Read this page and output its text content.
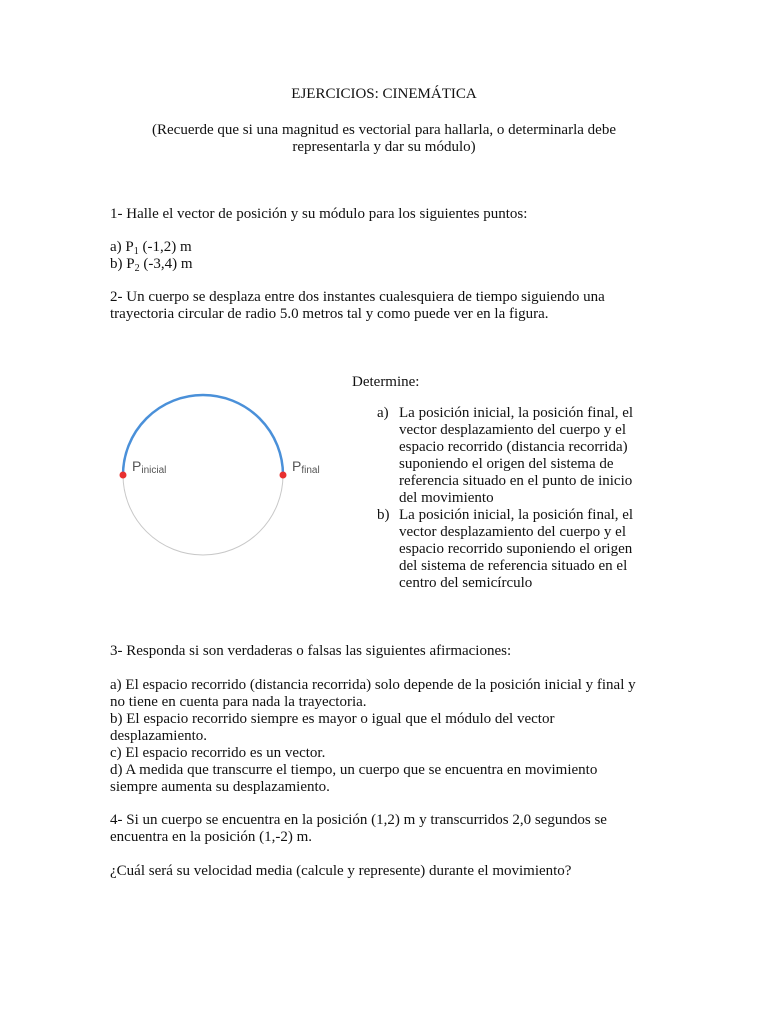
EJERCICIOS: CINEMÁTICA
(Recuerde que si una magnitud es vectorial para hallarla, o determinarla debe
representarla y dar su módulo)
1- Halle el vector de posición y su módulo para los siguientes puntos:
a) $P_1$ (-1,2) m
b) $P_2$ (-3,4) m
2- Un cuerpo se desplaza entre dos instantes cualesquiera de tiempo siguiendo una
trayectoria circular de radio 5.0 metros tal y como puede ver en la figura.
Determine:
a) La posición inicial, la posición final, el
vector desplazamiento del cuerpo y el
espacio recorrido (distancia recorrida)
suponiendo el origen del sistema de
referencia situado en el punto de inicio
del movimiento
b) La posición inicial, la posición final, el
vector desplazamiento del cuerpo y el
espacio recorrido suponiendo el origen
del sistema de referencia situado en el
centro del semicírculo
Pinicial	Pfinal
3- Responda si son verdaderas o falsas las siguientes afirmaciones:
a) El espacio recorrido (distancia recorrida) solo depende de la posición inicial y final y
no tiene en cuenta para nada la trayectoria.
b) El espacio recorrido siempre es mayor o igual que el módulo del vector
desplazamiento.
c) El espacio recorrido es un vector.
d) A medida que transcurre el tiempo, un cuerpo que se encuentra en movimiento
siempre aumenta su desplazamiento.
4- Si un cuerpo se encuentra en la posición (1,2) m y transcurridos 2,0 segundos se
encuentra en la posición (1,-2) m.
¿Cuál será su velocidad media (calcule y represente) durante el movimiento?
